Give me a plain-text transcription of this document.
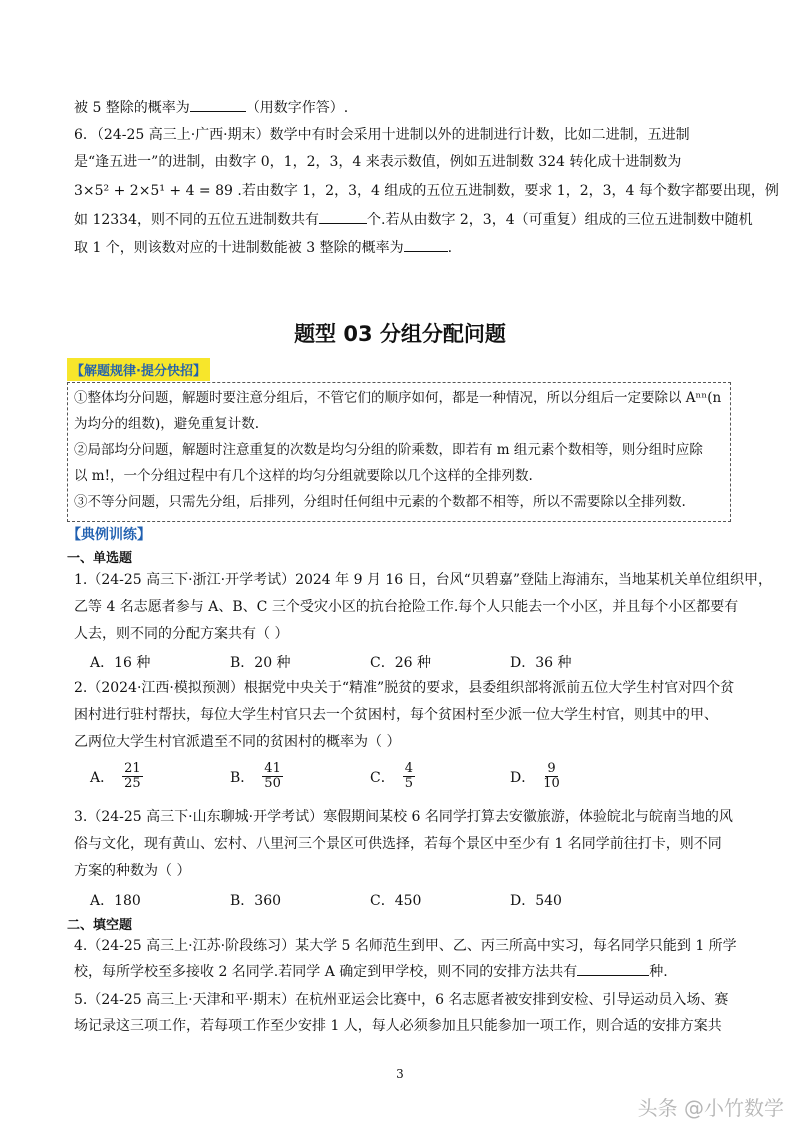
被 5 整除的概率为	（用数字作答）.
6．（24-25 高三上·广西·期末）数学中有时会采用十进制以外的进制进行计数，比如二进制，五进制
是“逢五进一”的进制，由数字 0，1，2，3，4 来表示数值，例如五进制数 324 转化成十进制数为
3×5² + 2×5¹ + 4 = 89 .若由数字 1，2，3，4 组成的五位五进制数，要求 1，2，3，4 每个数字都要出现，例
如 12334，则不同的五位五进制数共有	个.若从由数字 2，3，4（可重复）组成的三位五进制数中随机
取 1 个，则该数对应的十进制数能被 3 整除的概率为	.
题型 03 分组分配问题
【解题规律·提分快招】
①整体均分问题，解题时要注意分组后，不管它们的顺序如何，都是一种情况，所以分组后一定要除以 Aⁿⁿ(n
为均分的组数)，避免重复计数.
②局部均分问题，解题时注意重复的次数是均匀分组的阶乘数，即若有 m 组元素个数相等，则分组时应除
以 m!，一个分组过程中有几个这样的均匀分组就要除以几个这样的全排列数.
③不等分问题，只需先分组，后排列，分组时任何组中元素的个数都不相等，所以不需要除以全排列数.
【典例训练】
一、单选题
1.（24-25 高三下·浙江·开学考试）2024 年 9 月 16 日，台风“贝碧嘉”登陆上海浦东，当地某机关单位组织甲，
乙等 4 名志愿者参与 A、B、C 三个受灾小区的抗台抢险工作.每个人只能去一个小区，并且每个小区都要有
人去，则不同的分配方案共有（ ）
A．16 种	B．20 种	C．26 种	D．36 种
2.（2024·江西·模拟预测）根据党中央关于“精准”脱贫的要求，县委组织部将派前五位大学生村官对四个贫
困村进行驻村帮扶，每位大学生村官只去一个贫困村，每个贫困村至少派一位大学生村官，则其中的甲、
乙两位大学生村官派遣至不同的贫困村的概率为（ ）
A． $\frac{21}{25}$	B． $\frac{41}{50}$	C． $\frac{4}{5}$	D． $\frac{9}{10}$
3.（24-25 高三下·山东聊城·开学考试）寒假期间某校 6 名同学打算去安徽旅游，体验皖北与皖南当地的风
俗与文化，现有黄山、宏村、八里河三个景区可供选择，若每个景区中至少有 1 名同学前往打卡，则不同
方案的种数为（ ）
A．180	B．360	C．450	D．540
二、填空题
4.（24-25 高三上·江苏·阶段练习）某大学 5 名师范生到甲、乙、丙三所高中实习，每名同学只能到 1 所学
校，每所学校至多接收 2 名同学.若同学 A 确定到甲学校，则不同的安排方法共有	种.
5.（24-25 高三上·天津和平·期末）在杭州亚运会比赛中，6 名志愿者被安排到安检、引导运动员入场、赛
场记录这三项工作，若每项工作至少安排 1 人，每人必须参加且只能参加一项工作，则合适的安排方案共
3
头条 @小竹数学
